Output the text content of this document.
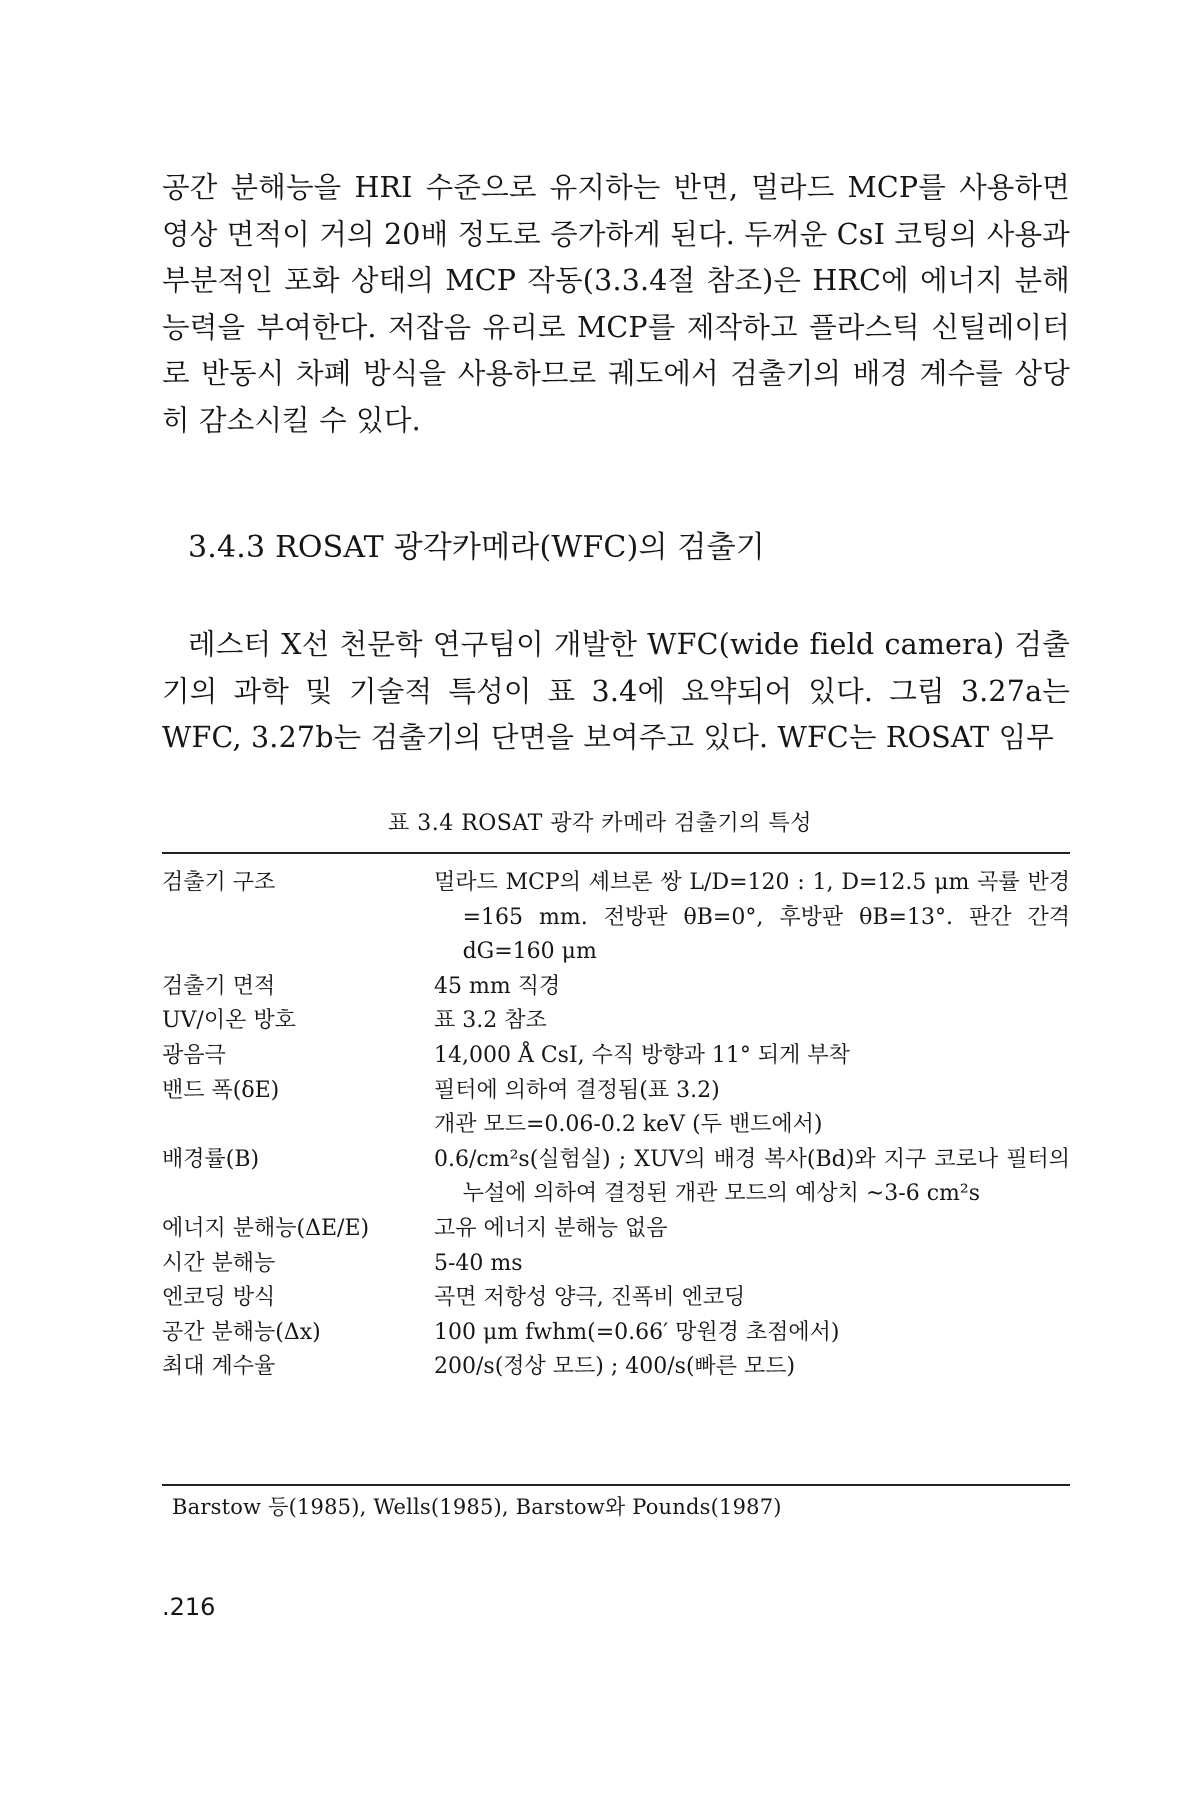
공간 분해능을 HRI 수준으로 유지하는 반면, 멀라드 MCP를 사용하면 영상 면적이 거의 20배 정도로 증가하게 된다. 두꺼운 CsI 코팅의 사용과 부분적인 포화 상태의 MCP 작동(3.3.4절 참조)은 HRC에 에너지 분해 능력을 부여한다. 저잡음 유리로 MCP를 제작하고 플라스틱 신틸레이터로 반동시 차폐 방식을 사용하므로 궤도에서 검출기의 배경 계수를 상당히 감소시킬 수 있다.

3.4.3 ROSAT 광각카메라(WFC)의 검출기

레스터 X선 천문학 연구팀이 개발한 WFC(wide field camera) 검출기의 과학 및 기술적 특성이 표 3.4에 요약되어 있다. 그림 3.27a는 WFC, 3.27b는 검출기의 단면을 보여주고 있다. WFC는 ROSAT 임무

표 3.4 ROSAT 광각 카메라 검출기의 특성
검출기 구조	멀라드 MCP의 셰브론 쌍 L/D=120 : 1, D=12.5 μm 곡률 반경=165 mm. 전방판 θB=0°, 후방판 θB=13°. 판간 간격 dG=160 μm
검출기 면적	45 mm 직경
UV/이온 방호	표 3.2 참조
광음극	14,000 Å CsI, 수직 방향과 11° 되게 부착
밴드 폭(δE)	필터에 의하여 결정됨(표 3.2)
개관 모드=0.06-0.2 keV (두 밴드에서)
배경률(B)	0.6/cm²s(실험실) ; XUV의 배경 복사(Bd)와 지구 코로나 필터의 누설에 의하여 결정된 개관 모드의 예상치 ~3-6 cm²s
에너지 분해능(ΔE/E)	고유 에너지 분해능 없음
시간 분해능	5-40 ms
엔코딩 방식	곡면 저항성 양극, 진폭비 엔코딩
공간 분해능(Δx)	100 μm fwhm(=0.66′ 망원경 초점에서)
최대 계수율	200/s(정상 모드) ; 400/s(빠른 모드)
Barstow 등(1985), Wells(1985), Barstow와 Pounds(1987)
.216
